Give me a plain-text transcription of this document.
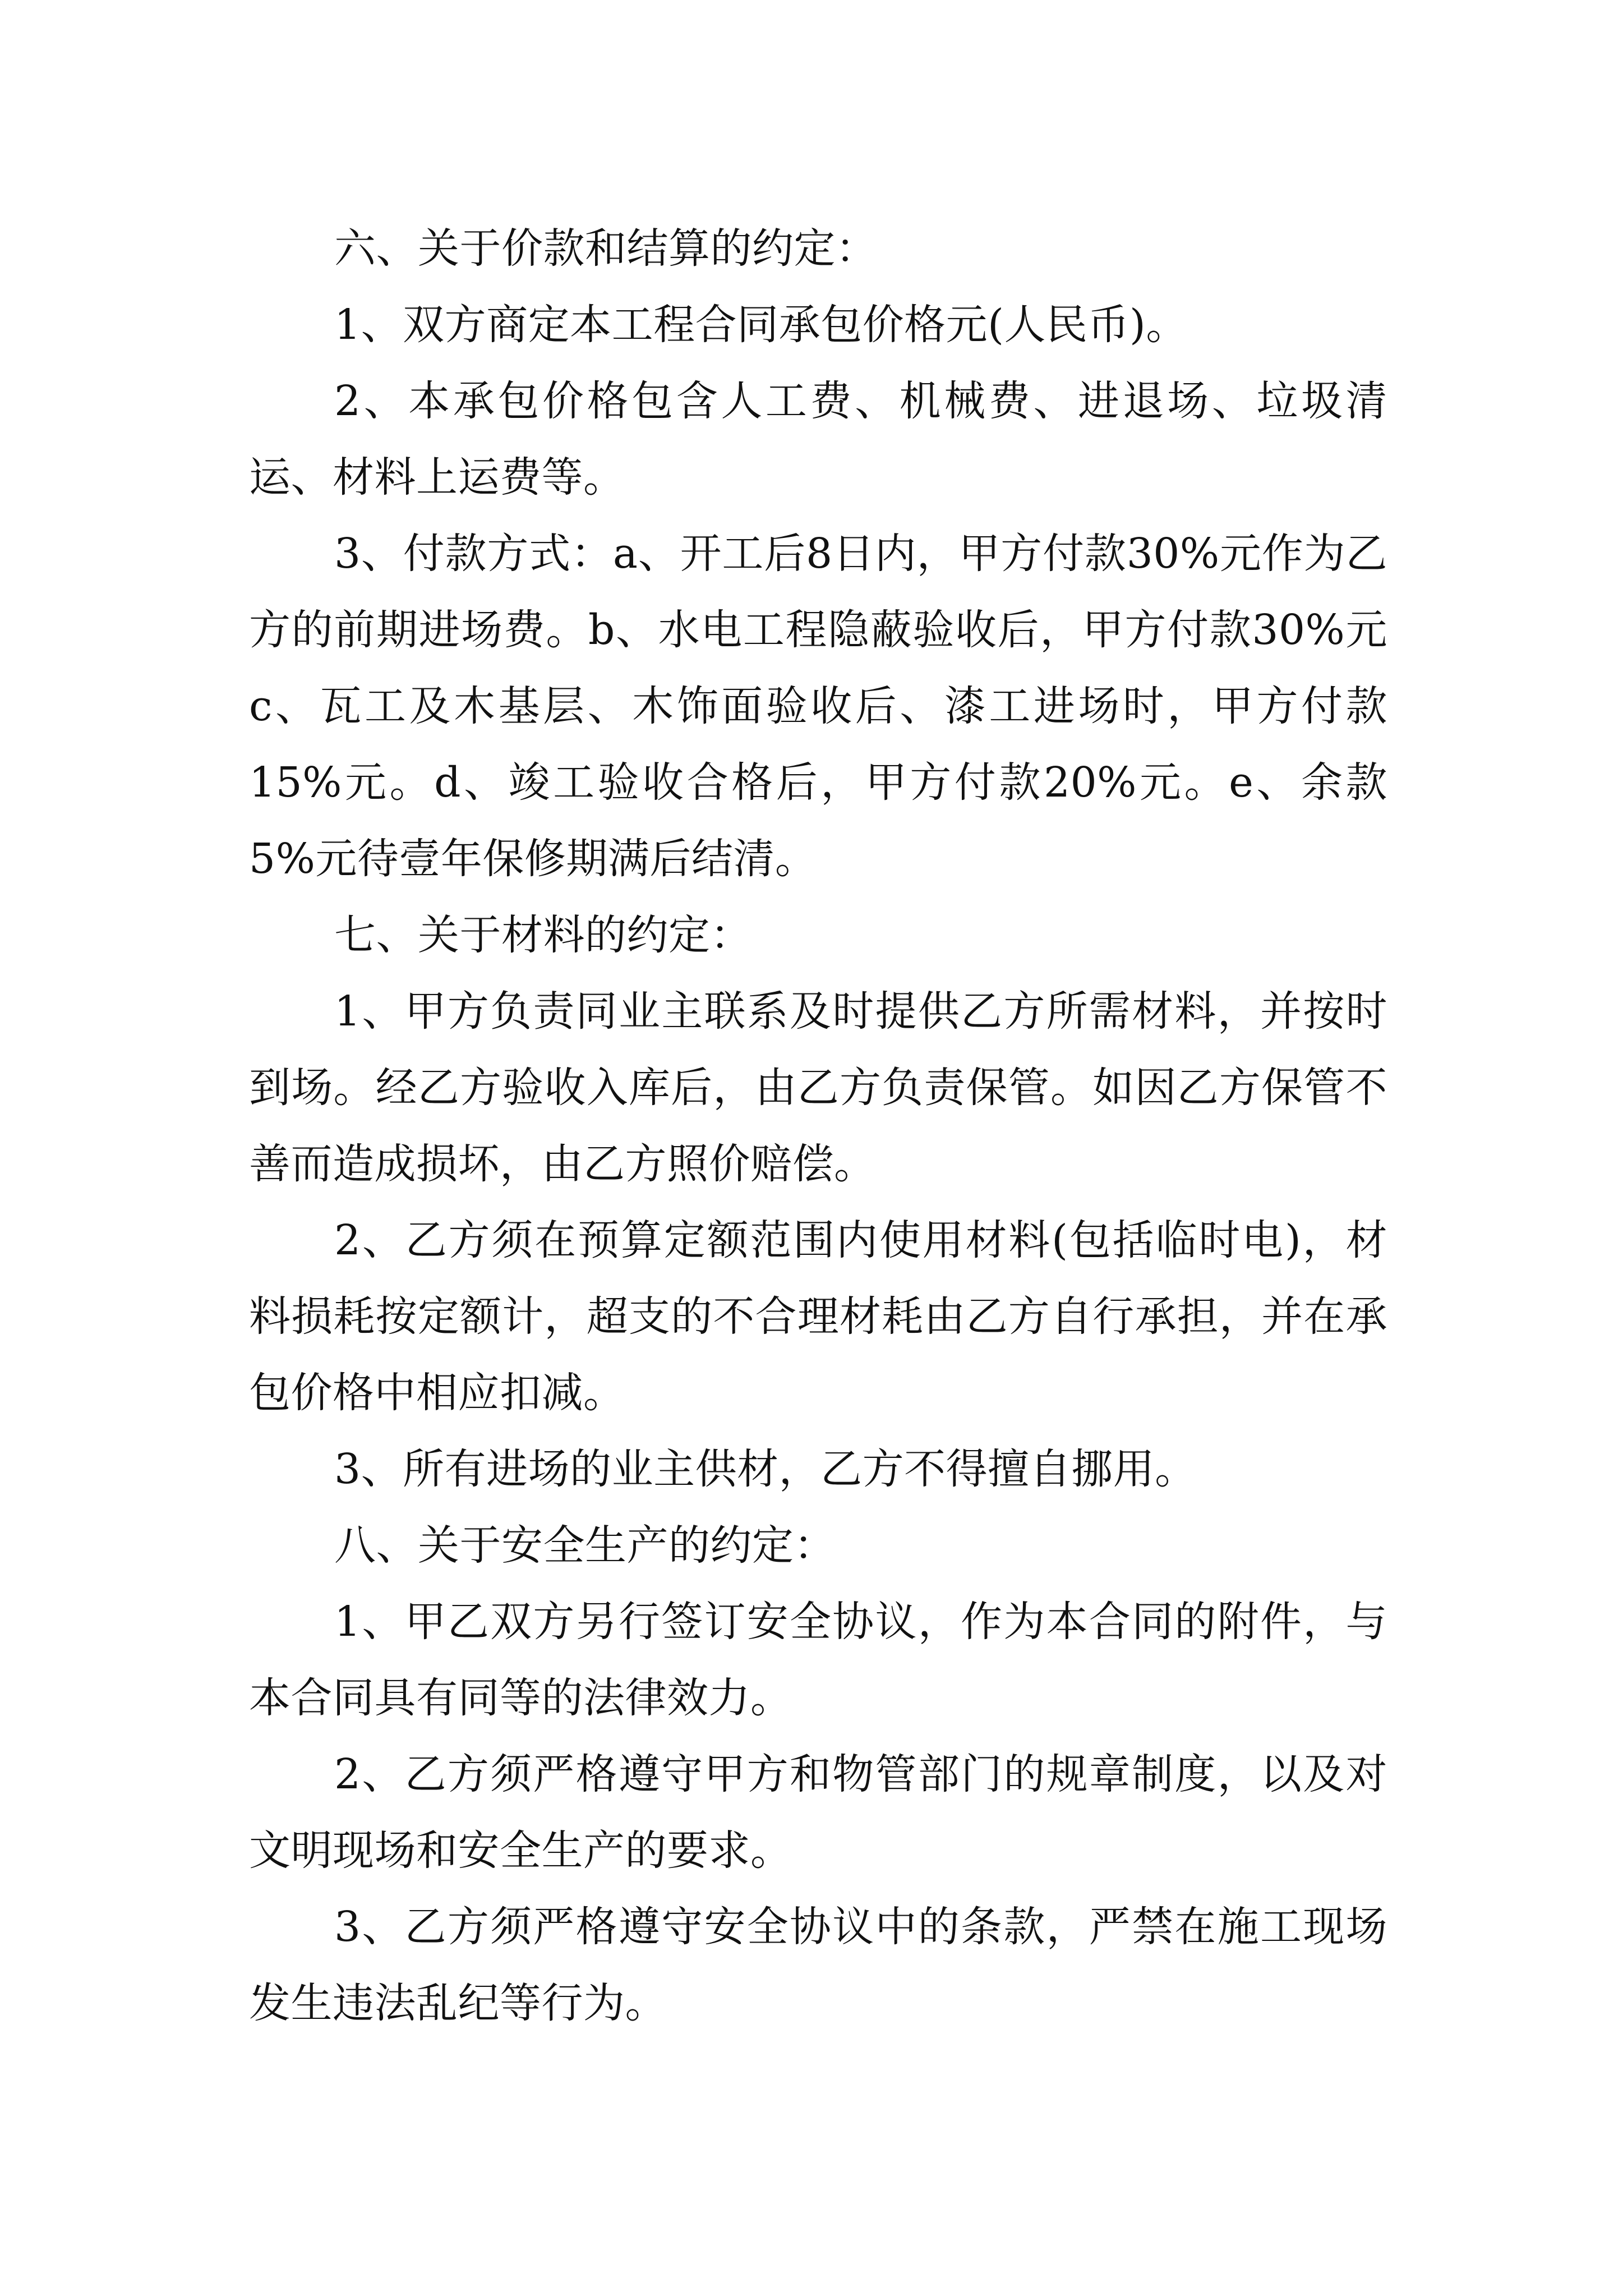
六、关于价款和结算的约定：

1、双方商定本工程合同承包价格元(人民币)。

2、本承包价格包含人工费、机械费、进退场、垃圾清运、材料上运费等。

3、付款方式：a、开工后8日内，甲方付款30%元作为乙方的前期进场费。b、水电工程隐蔽验收后，甲方付款30%元c、瓦工及木基层、木饰面验收后、漆工进场时，甲方付款15%元。d、竣工验收合格后，甲方付款20%元。e、余款5%元待壹年保修期满后结清。

七、关于材料的约定：

1、甲方负责同业主联系及时提供乙方所需材料，并按时到场。经乙方验收入库后，由乙方负责保管。如因乙方保管不善而造成损坏，由乙方照价赔偿。

2、乙方须在预算定额范围内使用材料(包括临时电)，材料损耗按定额计，超支的不合理材耗由乙方自行承担，并在承包价格中相应扣减。

3、所有进场的业主供材，乙方不得擅自挪用。

八、关于安全生产的约定：

1、甲乙双方另行签订安全协议，作为本合同的附件，与本合同具有同等的法律效力。

2、乙方须严格遵守甲方和物管部门的规章制度，以及对文明现场和安全生产的要求。

3、乙方须严格遵守安全协议中的条款，严禁在施工现场发生违法乱纪等行为。
